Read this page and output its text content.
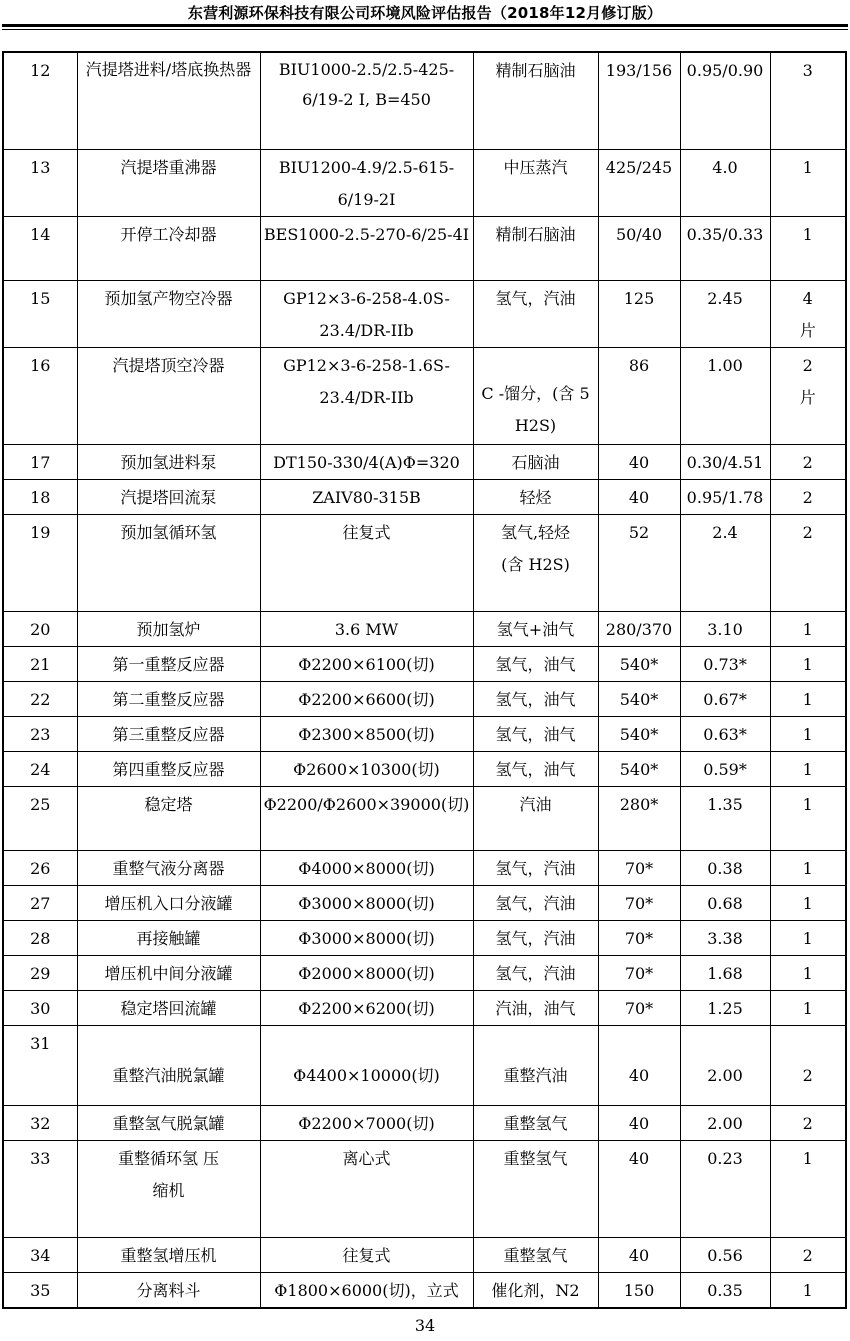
东营利源环保科技有限公司环境风险评估报告（2018年12月修订版）
12	汽提塔进料/塔底换热器	BIU1000-2.5/2.5-425-6/19-2 I, B=450	精制石脑油	193/156	0.95/0.90	3
13	汽提塔重沸器	BIU1200-4.9/2.5-615-6/19-2I	中压蒸汽	425/245	4.0	1
14	开停工冷却器	BES1000-2.5-270-6/25-4I	精制石脑油	50/40	0.35/0.33	1
15	预加氢产物空冷器	GP12×3-6-258-4.0S-23.4/DR-IIb	氢气，汽油	125	2.45	4片
16	汽提塔顶空冷器	GP12×3-6-258-1.6S-23.4/DR-IIb	C -馏分，(含 5 H2S)	86	1.00	2片
17	预加氢进料泵	DT150-330/4(A)Φ=320	石脑油	40	0.30/4.51	2
18	汽提塔回流泵	ZAIV80-315B	轻烃	40	0.95/1.78	2
19	预加氢循环氢	往复式	氢气,轻烃 (含 H2S)	52	2.4	2
20	预加氢炉	3.6 MW	氢气+油气	280/370	3.10	1
21	第一重整反应器	Φ2200×6100(切)	氢气，油气	540*	0.73*	1
22	第二重整反应器	Φ2200×6600(切)	氢气，油气	540*	0.67*	1
23	第三重整反应器	Φ2300×8500(切)	氢气，油气	540*	0.63*	1
24	第四重整反应器	Φ2600×10300(切)	氢气，油气	540*	0.59*	1
25	稳定塔	Φ2200/Φ2600×39000(切)	汽油	280*	1.35	1
26	重整气液分离器	Φ4000×8000(切)	氢气，汽油	70*	0.38	1
27	增压机入口分液罐	Φ3000×8000(切)	氢气，汽油	70*	0.68	1
28	再接触罐	Φ3000×8000(切)	氢气，汽油	70*	3.38	1
29	增压机中间分液罐	Φ2000×8000(切)	氢气，汽油	70*	1.68	1
30	稳定塔回流罐	Φ2200×6200(切)	汽油，油气	70*	1.25	1
31	重整汽油脱氯罐	Φ4400×10000(切)	重整汽油	40	2.00	2
32	重整氢气脱氯罐	Φ2200×7000(切)	重整氢气	40	2.00	2
33	重整循环氢 压缩机	离心式	重整氢气	40	0.23	1
34	重整氢增压机	往复式	重整氢气	40	0.56	2
35	分离料斗	Φ1800×6000(切)，立式	催化剂，N2	150	0.35	1
34
